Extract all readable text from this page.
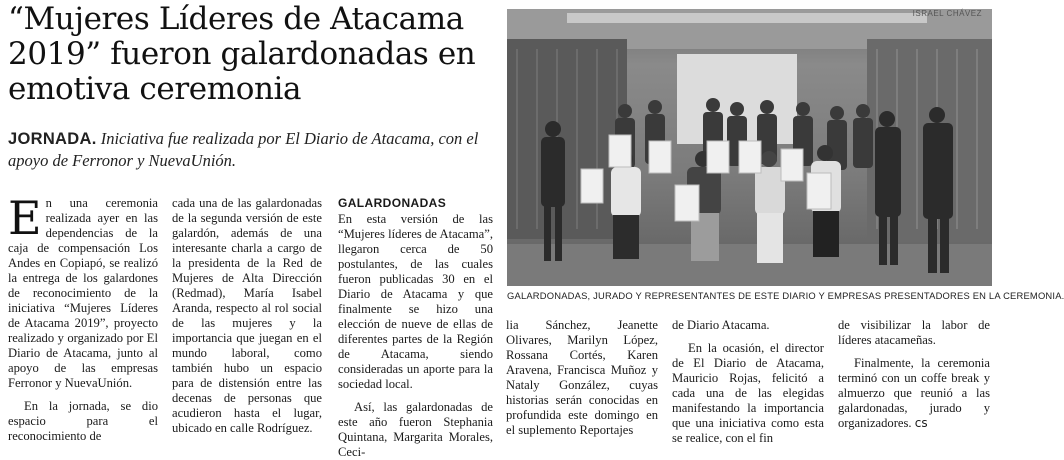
“Mujeres Líderes de Atacama 2019” fueron galardonadas en emotiva ceremonia
JORNADA. Iniciativa fue realizada por El Diario de Atacama, con el apoyo de Ferronor y NuevaUnión.

En una ceremonia realizada ayer en las dependencias de la caja de compensación Los Andes en Copiapó, se realizó la entrega de los galardones de reconocimiento de la iniciativa “Mujeres Líderes de Atacama 2019”, proyecto realizado y organizado por El Diario de Atacama, junto al apoyo de las empresas Ferronor y NuevaUnión.

En la jornada, se dio espacio para el reconocimiento de

cada una de las galardonadas de la segunda versión de este galardón, además de una interesante charla a cargo de la presidenta de la Red de Mujeres de Alta Dirección (Redmad), María Isabel Aranda, respecto al rol social de las mujeres y la importancia que juegan en el mundo laboral, como también hubo un espacio para de distensión entre las decenas de personas que acudieron hasta el lugar, ubicado en calle Rodríguez.

GALARDONADAS

En esta versión de las “Mujeres líderes de Atacama”, llegaron cerca de 50 postulantes, de las cuales fueron publicadas 30 en el Diario de Atacama y que finalmente se hizo una elección de nueve de ellas de diferentes partes de la Región de Atacama, siendo consideradas un aporte para la sociedad local.

Así, las galardonadas de este año fueron Stephania Quintana, Margarita Morales, Ceci-

ISRAEL CHÁVEZ
GALARDONADAS, JURADO Y REPRESENTANTES DE ESTE DIARIO Y EMPRESAS PRESENTADORES EN LA CEREMONIA.

lia Sánchez, Jeanette Olivares, Marilyn López, Rossana Cortés, Karen Aravena, Francisca Muñoz y Nataly González, cuyas historias serán conocidas en profundida este domingo en el suplemento Reportajes

de Diario Atacama.

En la ocasión, el director de El Diario de Atacama, Mauricio Rojas, felicitó a cada una de las elegidas manifestando la importancia que una iniciativa como esta se realice, con el fin

de visibilizar la labor de líderes atacameñas.

Finalmente, la ceremonia terminó con un coffe break y almuerzo que reunió a las galardonadas, jurado y organizadores. cs
